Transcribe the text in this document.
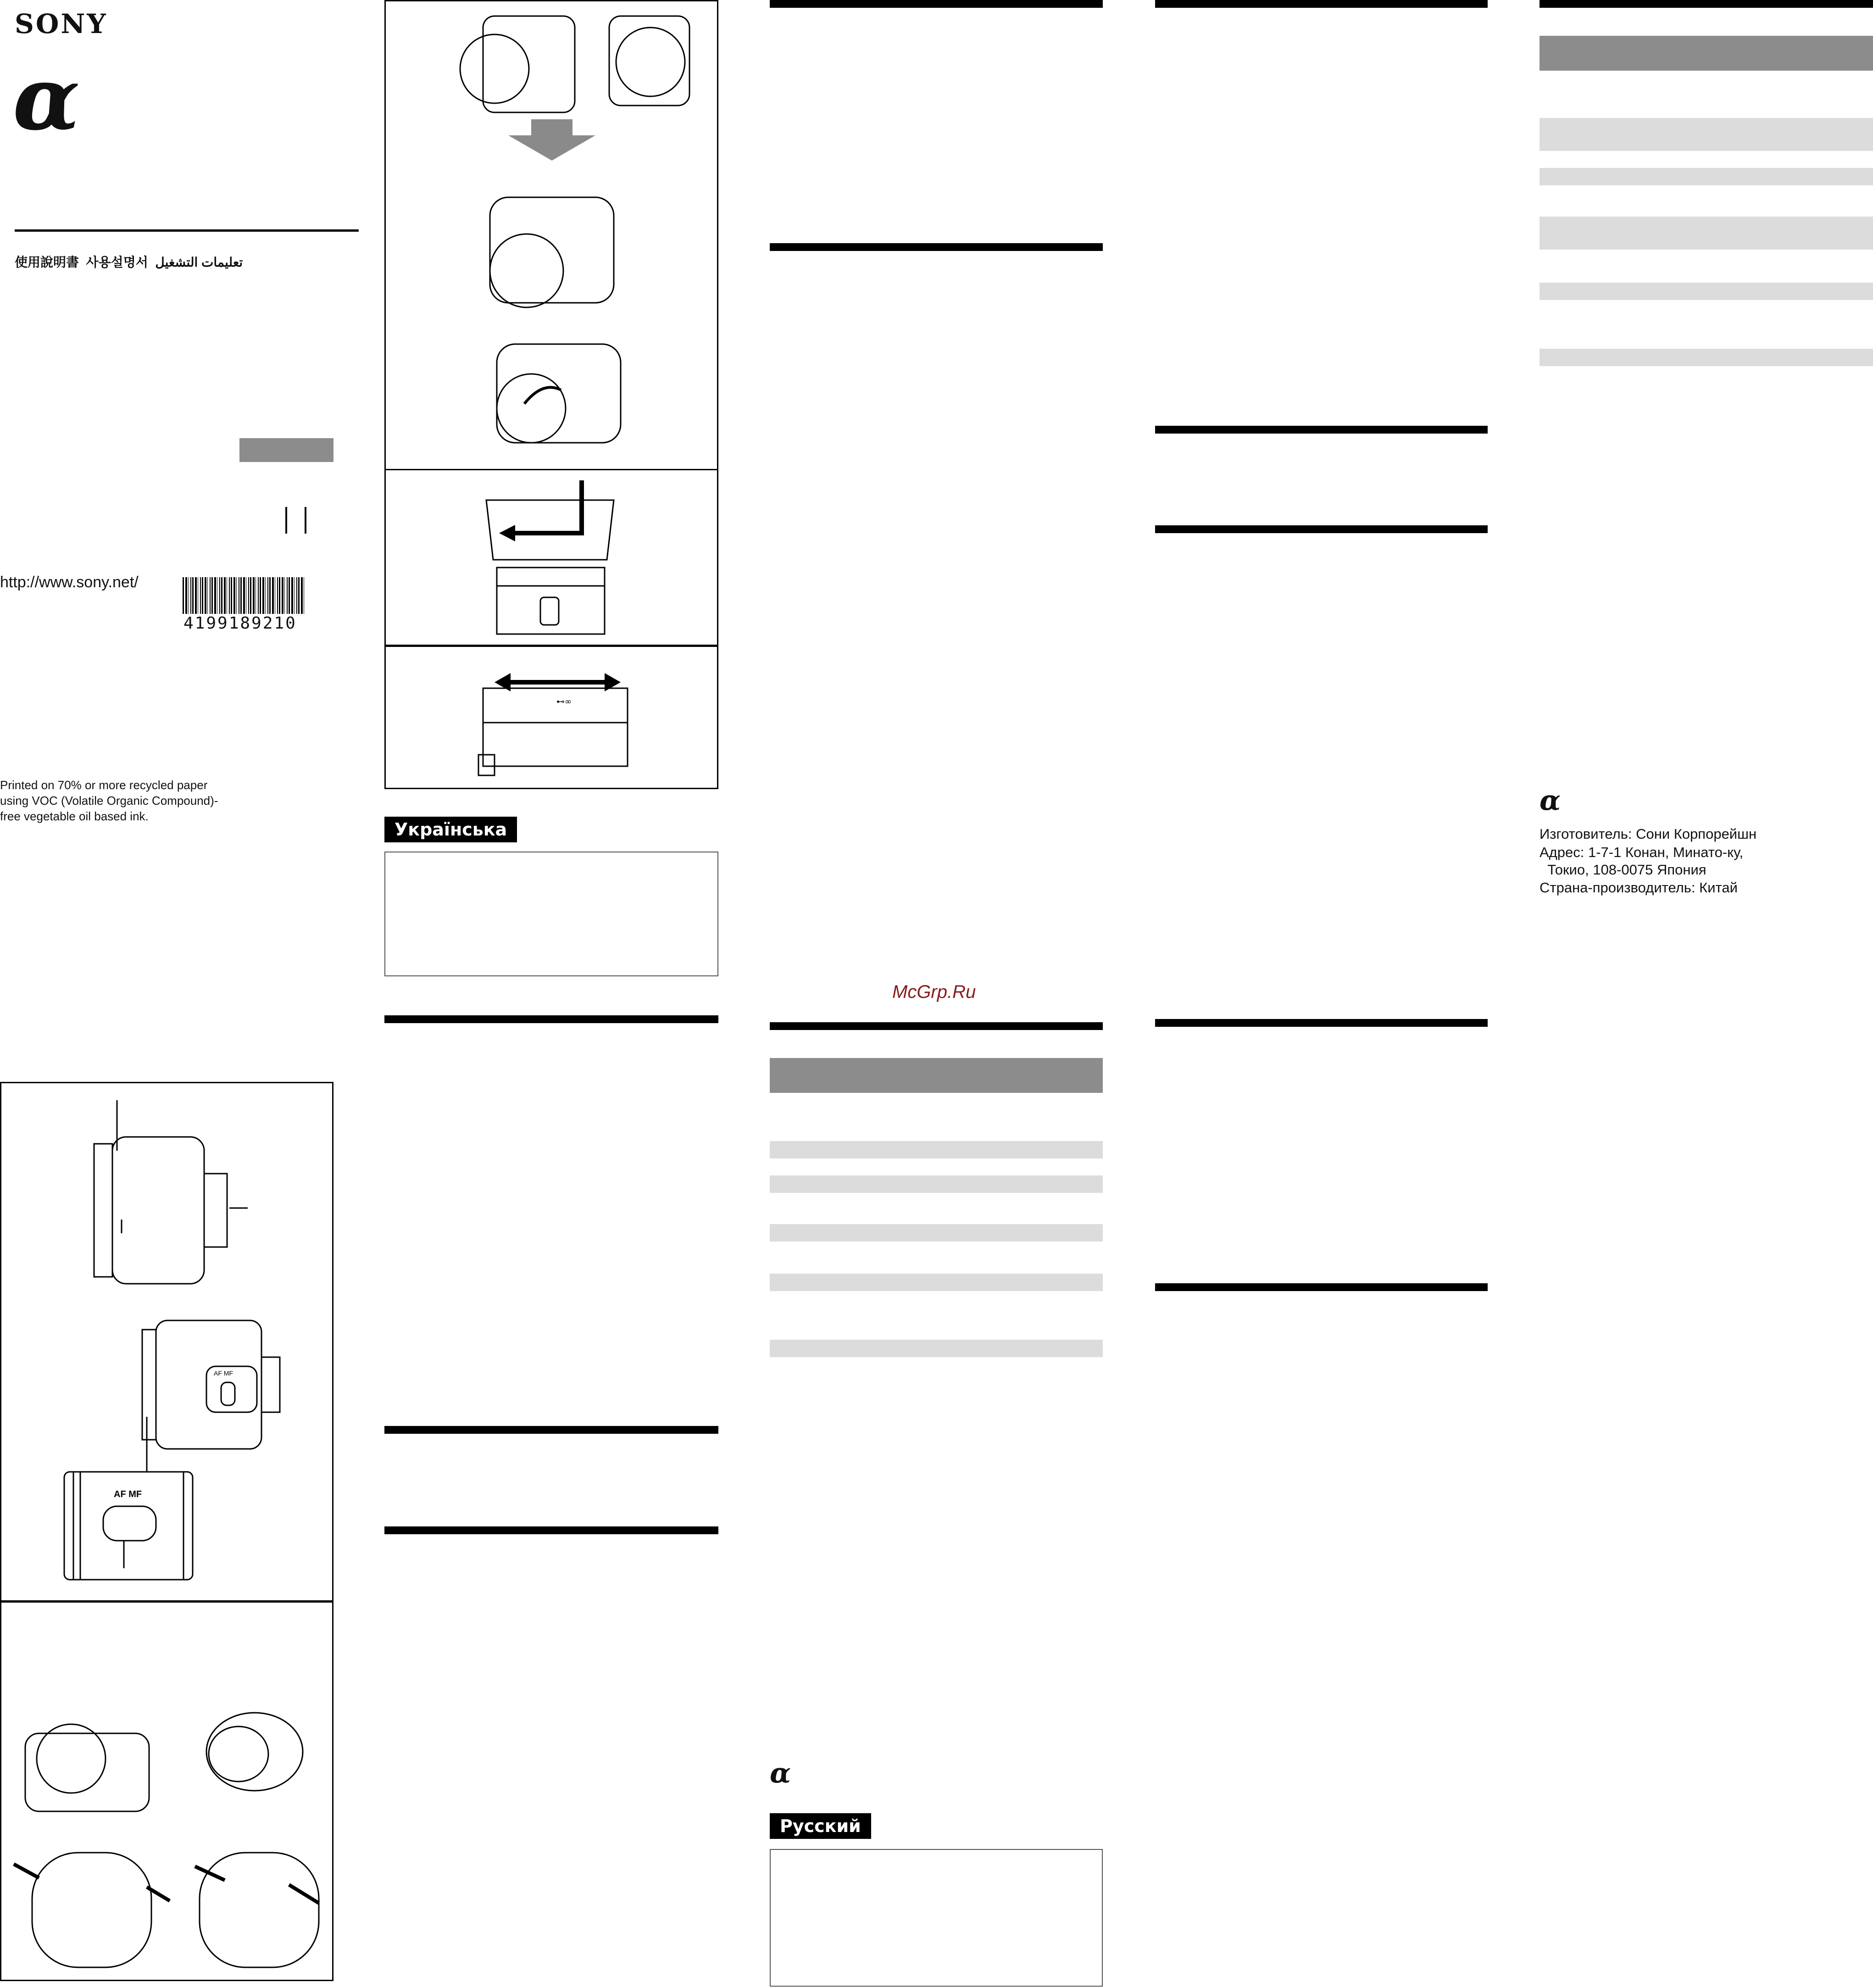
SONY
α
使用說明書  사용설명서  تعليمات التشغيل
http://www.sony.net/
4199189210
Printed on 70% or more recycled paper
using VOC (Volatile Organic Compound)-
free vegetable oil based ink.
AF MF
AF MF
⊷∞
Українська
McGrp.Ru
α
Русский
α
Изготовитель: Сони Корпорейшн
Адрес: 1-7-1 Конан, Минато-ку,
Токио, 108-0075 Япония
Страна-производитель: Китай
